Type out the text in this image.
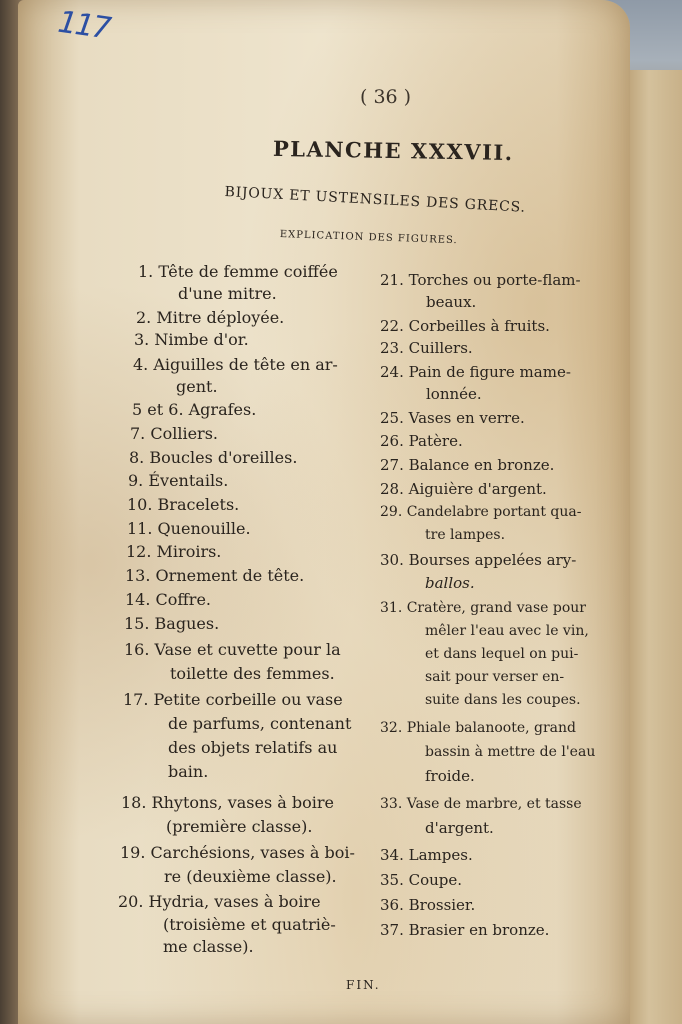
117
( 36 )
PLANCHE XXXVII.
BIJOUX ET USTENSILES DES GRECS.
EXPLICATION DES FIGURES.
1. Tête de femme coiffée
d'une mitre.
2. Mitre déployée.
3. Nimbe d'or.
4. Aiguilles de tête en ar-
gent.
5 et 6. Agrafes.
7. Colliers.
8. Boucles d'oreilles.
9. Éventails.
10. Bracelets.
11. Quenouille.
12. Miroirs.
13. Ornement de tête.
14. Coffre.
15. Bagues.
16. Vase et cuvette pour la
toilette des femmes.
17. Petite corbeille ou vase
de parfums, contenant
des objets relatifs au
bain.
18. Rhytons, vases à boire
(première classe).
19. Carchésions, vases à boi-
re (deuxième classe).
20. Hydria, vases à boire
(troisième et quatriè-
me classe).
21. Torches ou porte-flam-
beaux.
22. Corbeilles à fruits.
23. Cuillers.
24. Pain de figure mame-
lonnée.
25. Vases en verre.
26. Patère.
27. Balance en bronze.
28. Aiguière d'argent.
29. Candelabre portant qua-
tre lampes.
30. Bourses appelées ary-
ballos.
31. Cratère, grand vase pour
mêler l'eau avec le vin,
et dans lequel on pui-
sait pour verser en-
suite dans les coupes.
32. Phiale balanoote, grand
bassin à mettre de l'eau
froide.
33. Vase de marbre, et tasse
d'argent.
34. Lampes.
35. Coupe.
36. Brossier.
37. Brasier en bronze.
FIN.
